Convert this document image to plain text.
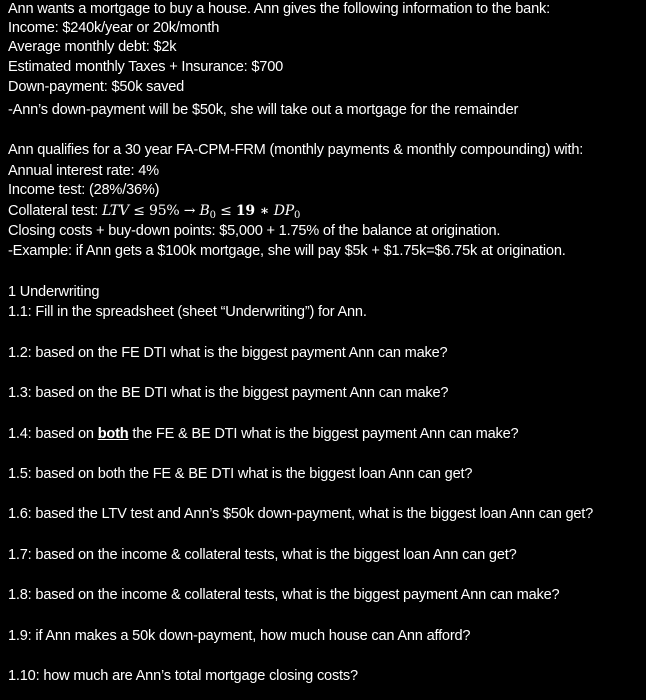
Ann wants a mortgage to buy a house. Ann gives the following information to the bank:
Income: $240k/year or 20k/month
Average monthly debt: $2k
Estimated monthly Taxes + Insurance: $700
Down-payment: $50k saved
-Ann’s down-payment will be $50k, she will take out a mortgage for the remainder
Ann qualifies for a 30 year FA-CPM-FRM (monthly payments & monthly compounding) with:
Annual interest rate: 4%
Income test: (28%/36%)
Collateral test: LTV ≤ $95\% \to B_0 \le 19$ ∗ $DP_0$
Closing costs + buy-down points: $5,000 + 1.75% of the balance at origination.
-Example: if Ann gets a $100k mortgage, she will pay $5k + $1.75k=$6.75k at origination.
1 Underwriting
1.1: Fill in the spreadsheet (sheet “Underwriting”) for Ann.
1.2: based on the FE DTI what is the biggest payment Ann can make?
1.3: based on the BE DTI what is the biggest payment Ann can make?
1.4: based on both the FE & BE DTI what is the biggest payment Ann can make?
1.5: based on both the FE & BE DTI what is the biggest loan Ann can get?
1.6: based the LTV test and Ann’s $50k down-payment, what is the biggest loan Ann can get?
1.7: based on the income & collateral tests, what is the biggest loan Ann can get?
1.8: based on the income & collateral tests, what is the biggest payment Ann can make?
1.9: if Ann makes a 50k down-payment, how much house can Ann afford?
1.10: how much are Ann’s total mortgage closing costs?
